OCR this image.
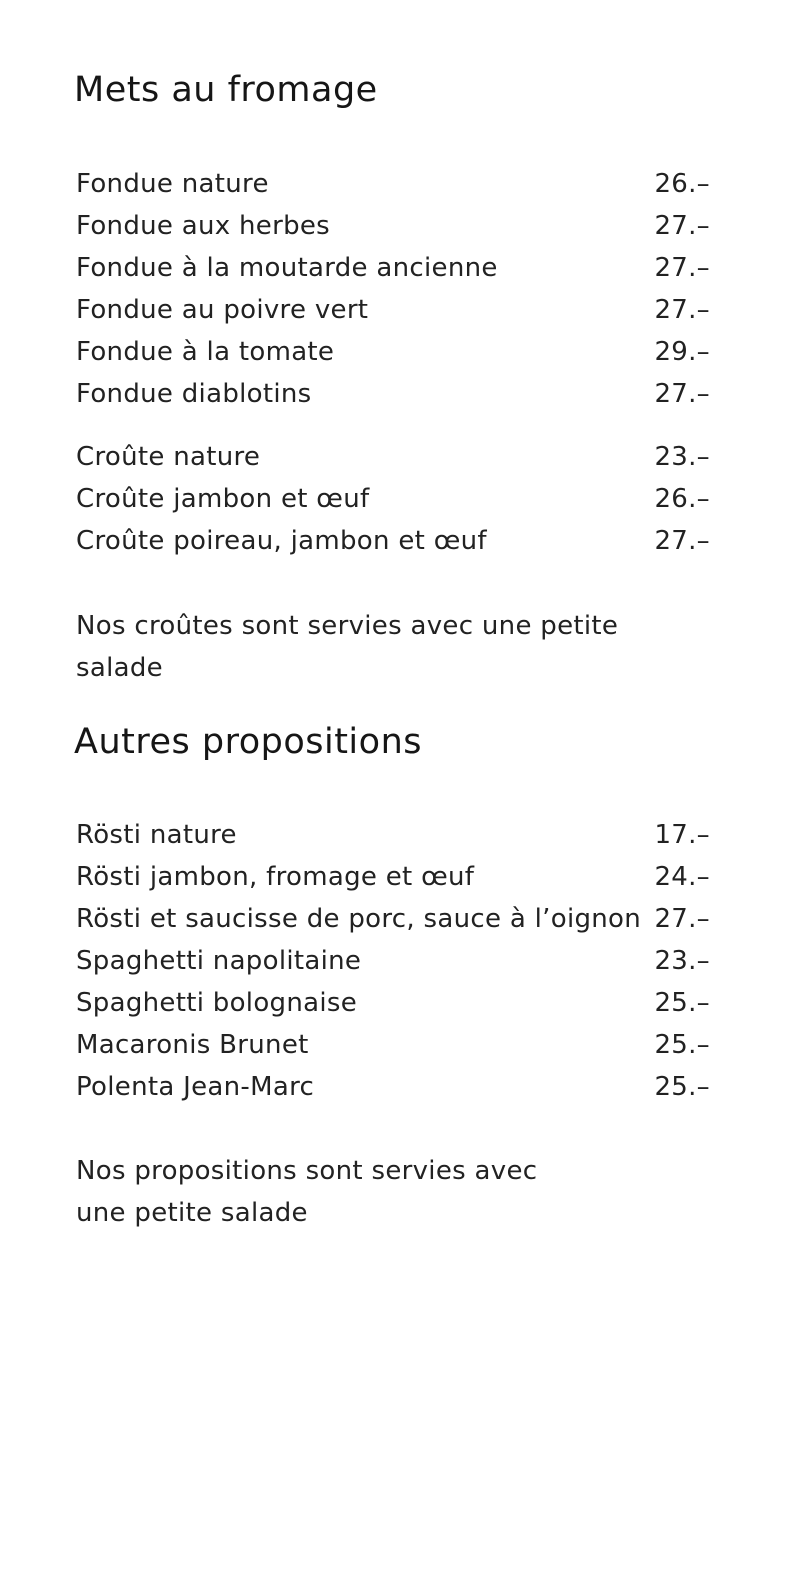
Mets au fromage
Fondue nature	26.–
Fondue aux herbes	27.–
Fondue à la moutarde ancienne	27.–
Fondue au poivre vert	27.–
Fondue à la tomate	29.–
Fondue diablotins	27.–
Croûte nature	23.–
Croûte jambon et œuf	26.–
Croûte poireau, jambon et œuf	27.–

Nos croûtes sont servies avec une petite salade

Autres propositions
Rösti nature	17.–
Rösti jambon, fromage et œuf	24.–
Rösti et saucisse de porc, sauce à l’oignon 27.–
Spaghetti napolitaine	23.–
Spaghetti bolognaise	25.–
Macaronis Brunet	25.–
Polenta Jean-Marc	25.–

Nos propositions sont servies avec une petite salade
